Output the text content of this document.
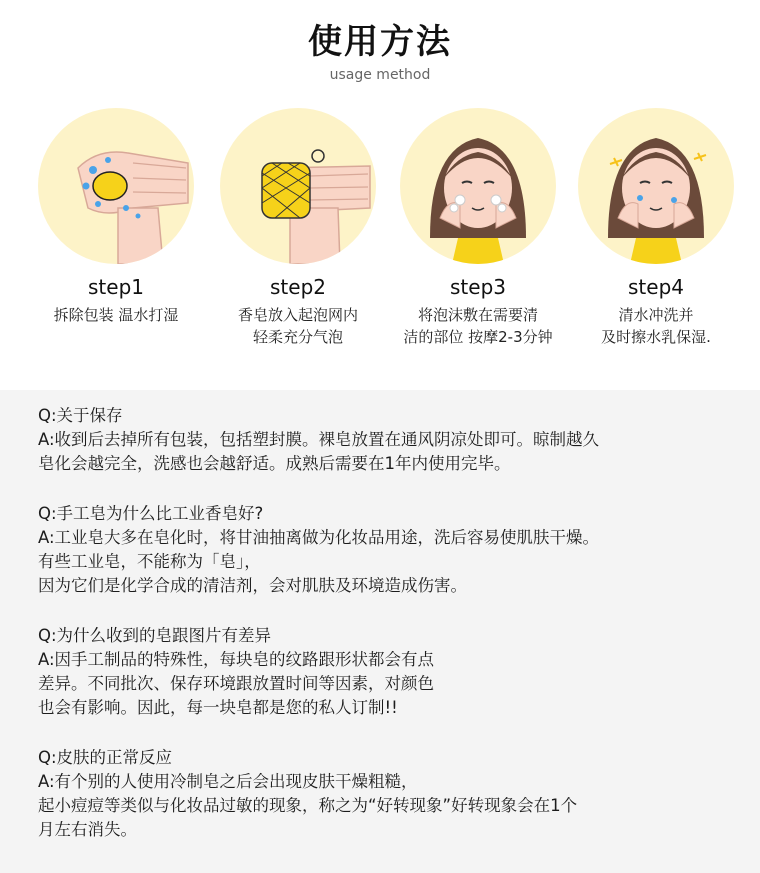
使用方法
usage method
step1
拆除包装 温水打湿
step2
香皂放入起泡网内
轻柔充分气泡
step3
将泡沫敷在需要清
洁的部位 按摩2-3分钟
step4
清水冲洗并
及时擦水乳保湿.
Q:关于保存
A:收到后去掉所有包装，包括塑封膜。裸皂放置在通风阴凉处即可。晾制越久
皂化会越完全，洗感也会越舒适。成熟后需要在1年内使用完毕。
Q:手工皂为什么比工业香皂好?
A:工业皂大多在皂化时，将甘油抽离做为化妆品用途，洗后容易使肌肤干燥。
有些工业皂，不能称为「皂」，
因为它们是化学合成的清洁剂，会对肌肤及环境造成伤害。
Q:为什么收到的皂跟图片有差异
A:因手工制品的特殊性，每块皂的纹路跟形状都会有点
差异。不同批次、保存环境跟放置时间等因素，对颜色
也会有影响。因此，每一块皂都是您的私人订制!!
Q:皮肤的正常反应
A:有个别的人使用冷制皂之后会出现皮肤干燥粗糙，
起小痘痘等类似与化妆品过敏的现象，称之为“好转现象”好转现象会在1个
月左右消失。
